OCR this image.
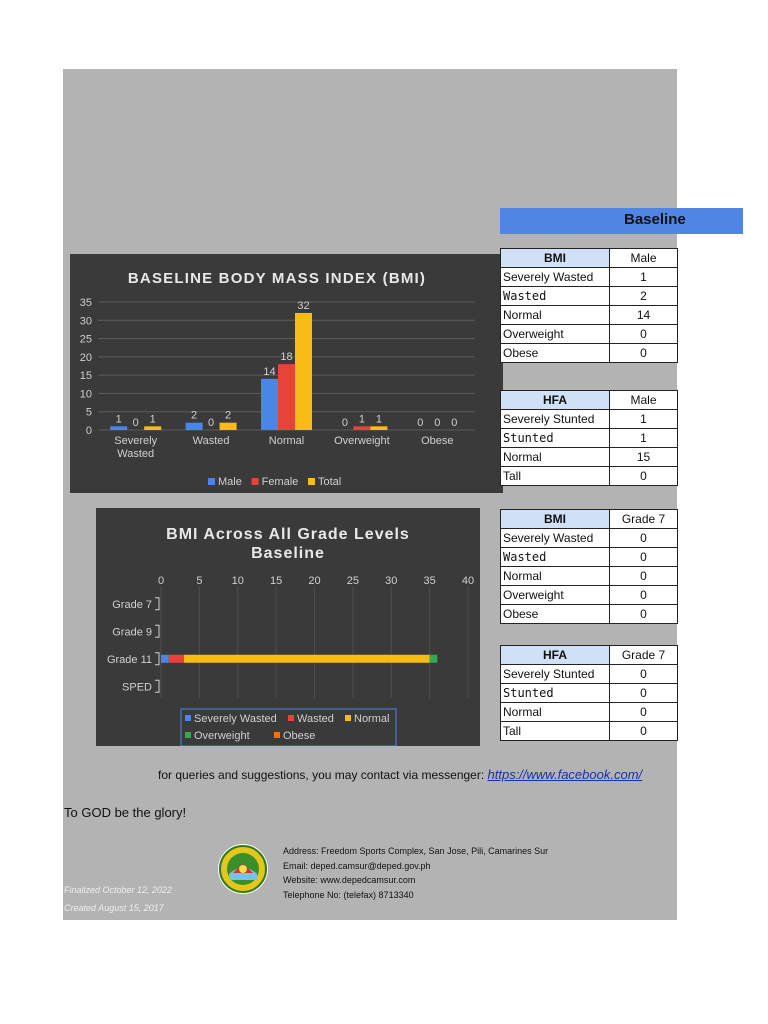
Baseline
BASELINE BODY MASS INDEX (BMI)
0
5
10
15
20
25
30
35
1 0 1
Severely
Wasted
2
0
2
Wasted
14
18
32
Normal
0 1 1
Overweight
0 0 0
Obese
Male Female Total
BMI Across All Grade Levels
Baseline
0	5	10 15 20 25 30 35 40
Grade 7
Grade 9
Grade 11
SPED
Severely Wasted Wasted Normal
Overweight	Obese
BMI	Male
Severely Wasted	1
Wasted	2
Normal	14
Overweight	0
Obese	0
HFA	Male
Severely Stunted	1
Stunted	1
Normal	15
Tall	0
BMI	Grade 7
Severely Wasted	0
Wasted	0
Normal	0
Overweight	0
Obese	0
HFA	Grade 7
Severely Stunted	0
Stunted	0
Normal	0
Tall	0
for queries and suggestions, you may contact via messenger: https://www.facebook.com/
To GOD be the glory!
Address: Freedom Sports Complex, San Jose, Pili, Camarines Sur
Email: deped.camsur@deped.gov.ph
Website: www.depedcamsur.com
Telephone No: (telefax) 8713340
Finalized October 12, 2022
Created August 15, 2017
